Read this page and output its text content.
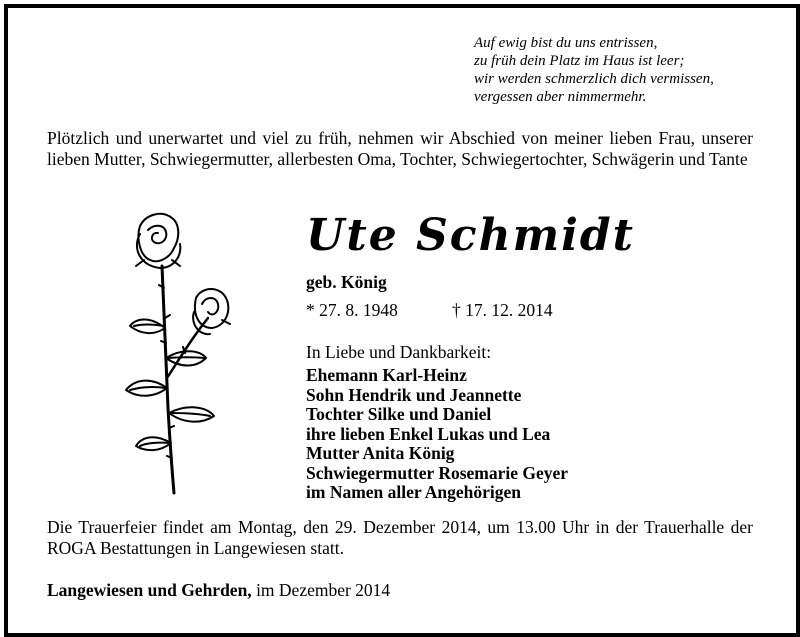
Auf ewig bist du uns entrissen,
zu früh dein Platz im Haus ist leer;
wir werden schmerzlich dich vermissen,
vergessen aber nimmermehr.
Plötzlich und unerwartet und viel zu früh, nehmen wir Abschied von meiner lieben Frau, unserer lieben Mutter, Schwiegermutter, allerbesten Oma, Tochter, Schwiegertochter, Schwägerin und Tante
Ute Schmidt
geb. König
* 27. 8. 1948	† 17. 12. 2014
In Liebe und Dankbarkeit:
Ehemann Karl-Heinz
Sohn Hendrik und Jeannette
Tochter Silke und Daniel
ihre lieben Enkel Lukas und Lea
Mutter Anita König
Schwiegermutter Rosemarie Geyer
im Namen aller Angehörigen
Die Trauerfeier findet am Montag, den 29. Dezember 2014, um 13.00 Uhr in der Trauerhalle der ROGA Bestattungen in Langewiesen statt.
Langewiesen und Gehrden, im Dezember 2014
